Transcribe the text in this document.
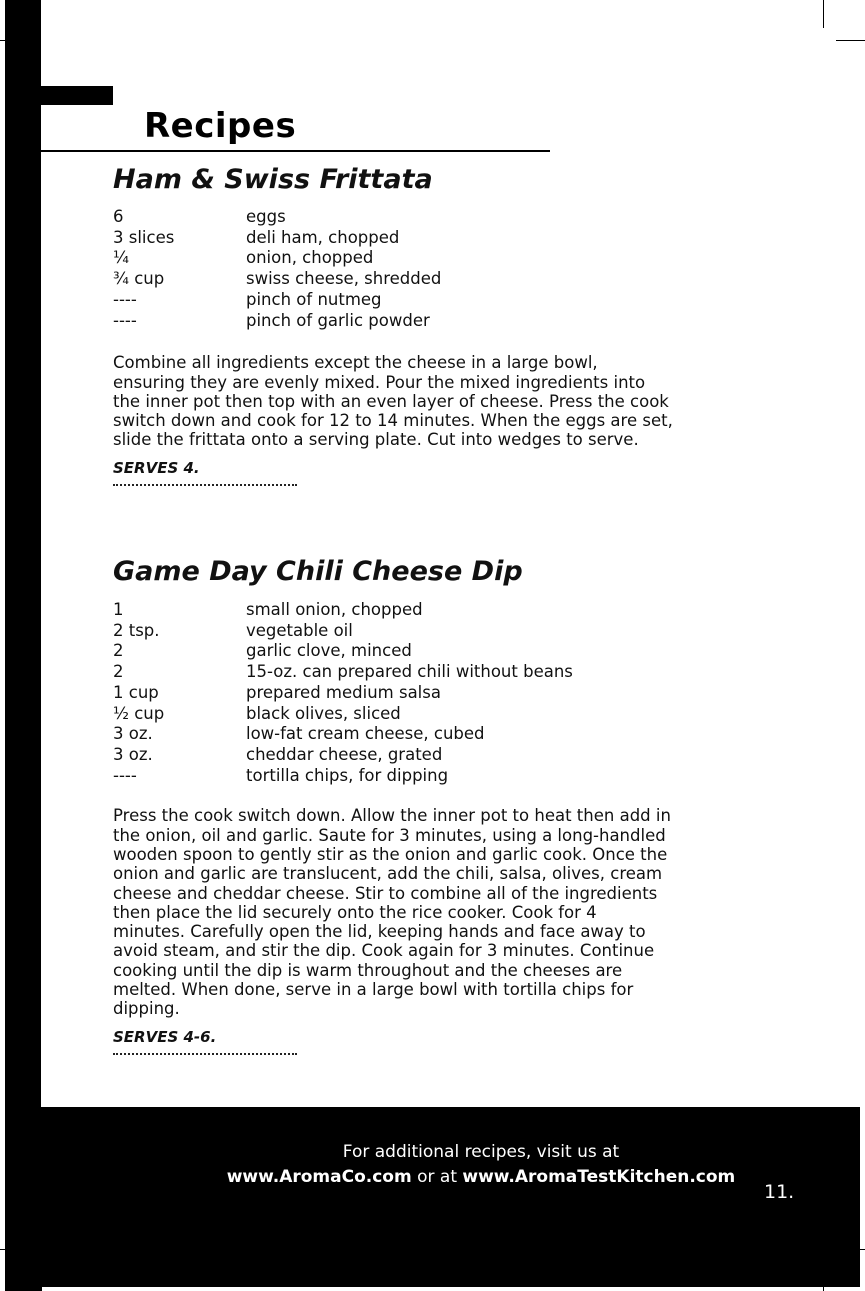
Recipes
Ham & Swiss Frittata
6	eggs
3 slices	deli ham, chopped
¼	onion, chopped
¾ cup	swiss cheese, shredded
----	pinch of nutmeg
----	pinch of garlic powder

Combine all ingredients except the cheese in a large bowl, ensuring they are evenly mixed. Pour the mixed ingredients into the inner pot then top with an even layer of cheese. Press the cook switch down and cook for 12 to 14 minutes. When the eggs are set, slide the frittata onto a serving plate. Cut into wedges to serve.

SERVES 4.

Game Day Chili Cheese Dip
1	small onion, chopped
2 tsp.	vegetable oil
2	garlic clove, minced
2	15-oz. can prepared chili without beans
1 cup	prepared medium salsa
½ cup	black olives, sliced
3 oz.	low-fat cream cheese, cubed
3 oz.	cheddar cheese, grated
----	tortilla chips, for dipping

Press the cook switch down. Allow the inner pot to heat then add in the onion, oil and garlic. Saute for 3 minutes, using a long-handled wooden spoon to gently stir as the onion and garlic cook. Once the onion and garlic are translucent, add the chili, salsa, olives, cream cheese and cheddar cheese. Stir to combine all of the ingredients then place the lid securely onto the rice cooker. Cook for 4 minutes. Carefully open the lid, keeping hands and face away to avoid steam, and stir the dip. Cook again for 3 minutes. Continue cooking until the dip is warm throughout and the cheeses are melted. When done, serve in a large bowl with tortilla chips for dipping.

SERVES 4-6.

For additional recipes, visit us at
www.AromaCo.com or at www.AromaTestKitchen.com
11.
